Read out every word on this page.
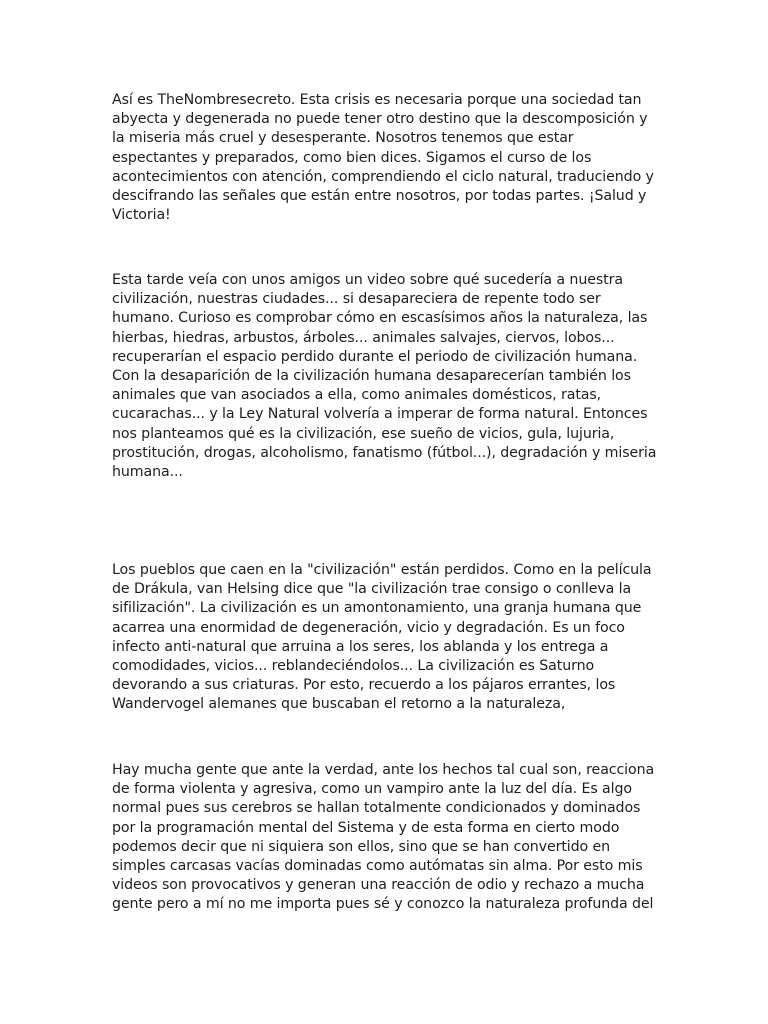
Así es TheNombresecreto. Esta crisis es necesaria porque una sociedad tan
abyecta y degenerada no puede tener otro destino que la descomposición y
la miseria más cruel y desesperante. Nosotros tenemos que estar
espectantes y preparados, como bien dices. Sigamos el curso de los
acontecimientos con atención, comprendiendo el ciclo natural, traduciendo y
descifrando las señales que están entre nosotros, por todas partes. ¡Salud y
Victoria!

Esta tarde veía con unos amigos un video sobre qué sucedería a nuestra
civilización, nuestras ciudades... si desapareciera de repente todo ser
humano. Curioso es comprobar cómo en escasísimos años la naturaleza, las
hierbas, hiedras, arbustos, árboles... animales salvajes, ciervos, lobos...
recuperarían el espacio perdido durante el periodo de civilización humana.
Con la desaparición de la civilización humana desaparecerían también los
animales que van asociados a ella, como animales domésticos, ratas,
cucarachas... y la Ley Natural volvería a imperar de forma natural. Entonces
nos planteamos qué es la civilización, ese sueño de vicios, gula, lujuria,
prostitución, drogas, alcoholismo, fanatismo (fútbol...), degradación y miseria
humana...

Los pueblos que caen en la "civilización" están perdidos. Como en la película
de Drákula, van Helsing dice que "la civilización trae consigo o conlleva la
sifilización". La civilización es un amontonamiento, una granja humana que
acarrea una enormidad de degeneración, vicio y degradación. Es un foco
infecto anti-natural que arruina a los seres, los ablanda y los entrega a
comodidades, vicios... reblandeciéndolos... La civilización es Saturno
devorando a sus criaturas. Por esto, recuerdo a los pájaros errantes, los
Wandervogel alemanes que buscaban el retorno a la naturaleza,

Hay mucha gente que ante la verdad, ante los hechos tal cual son, reacciona
de forma violenta y agresiva, como un vampiro ante la luz del día. Es algo
normal pues sus cerebros se hallan totalmente condicionados y dominados
por la programación mental del Sistema y de esta forma en cierto modo
podemos decir que ni siquiera son ellos, sino que se han convertido en
simples carcasas vacías dominadas como autómatas sin alma. Por esto mis
videos son provocativos y generan una reacción de odio y rechazo a mucha
gente pero a mí no me importa pues sé y conozco la naturaleza profunda del
